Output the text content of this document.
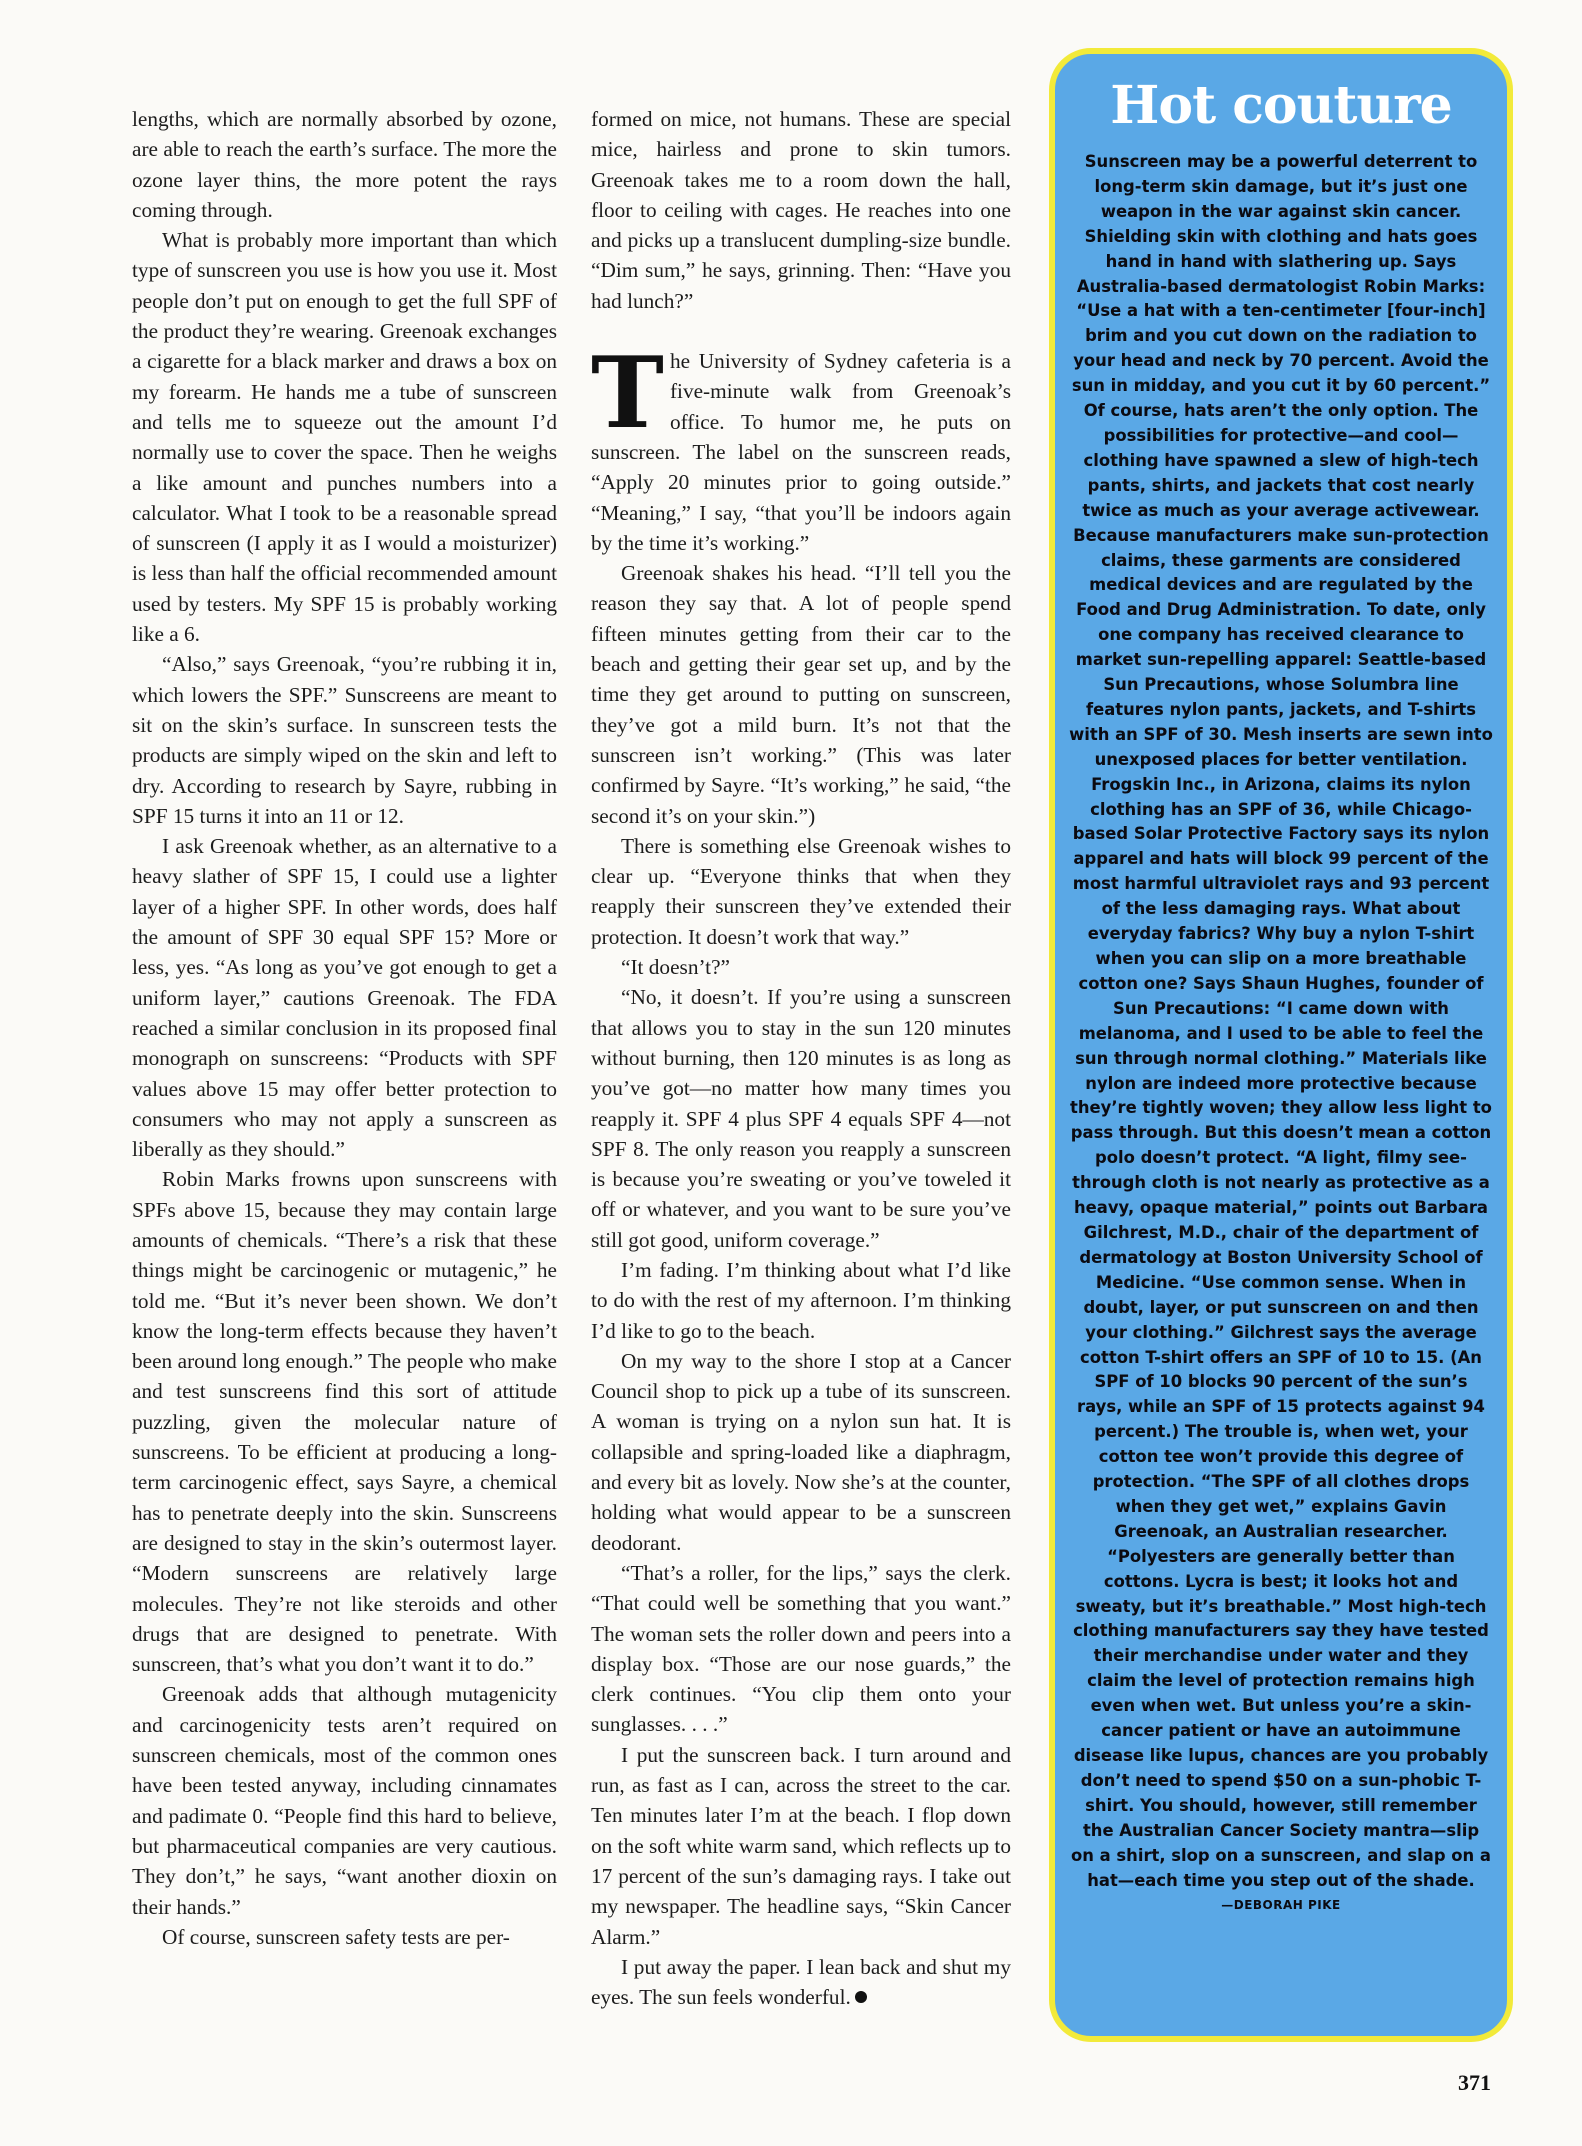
lengths, which are normally absorbed by ozone, are able to reach the earth’s surface. The more the ozone layer thins, the more potent the rays coming through.

What is probably more important than which type of sunscreen you use is how you use it. Most people don’t put on enough to get the full SPF of the product they’re wearing. Greenoak exchanges a cigarette for a black marker and draws a box on my forearm. He hands me a tube of sunscreen and tells me to squeeze out the amount I’d normally use to cover the space. Then he weighs a like amount and punches numbers into a calculator. What I took to be a reasonable spread of sunscreen (I apply it as I would a moisturizer) is less than half the official recommended amount used by testers. My SPF 15 is probably working like a 6.

“Also,” says Greenoak, “you’re rubbing it in, which lowers the SPF.” Sunscreens are meant to sit on the skin’s surface. In sunscreen tests the products are simply wiped on the skin and left to dry. According to research by Sayre, rubbing in SPF 15 turns it into an 11 or 12.

I ask Greenoak whether, as an alternative to a heavy slather of SPF 15, I could use a lighter layer of a higher SPF. In other words, does half the amount of SPF 30 equal SPF 15? More or less, yes. “As long as you’ve got enough to get a uniform layer,” cautions Greenoak. The FDA reached a similar conclusion in its proposed final monograph on sunscreens: “Products with SPF values above 15 may offer better protection to consumers who may not apply a sunscreen as liberally as they should.”

Robin Marks frowns upon sunscreens with SPFs above 15, because they may contain large amounts of chemicals. “There’s a risk that these things might be carcinogenic or mutagenic,” he told me. “But it’s never been shown. We don’t know the long-term effects because they haven’t been around long enough.” The people who make and test sunscreens find this sort of attitude puzzling, given the molecular nature of sunscreens. To be efficient at producing a long-term carcinogenic effect, says Sayre, a chemical has to penetrate deeply into the skin. Sunscreens are designed to stay in the skin’s outermost layer. “Modern sunscreens are relatively large molecules. They’re not like steroids and other drugs that are designed to penetrate. With sunscreen, that’s what you don’t want it to do.”

Greenoak adds that although mutagenicity and carcinogenicity tests aren’t required on sunscreen chemicals, most of the common ones have been tested anyway, including cinnamates and padimate 0. “People find this hard to believe, but pharmaceutical companies are very cautious. They don’t,” he says, “want another dioxin on their hands.”

Of course, sunscreen safety tests are per-

formed on mice, not humans. These are special mice, hairless and prone to skin tumors. Greenoak takes me to a room down the hall, floor to ceiling with cages. He reaches into one and picks up a translucent dumpling-size bundle. “Dim sum,” he says, grinning. Then: “Have you had lunch?”

The University of Sydney cafeteria is a five-minute walk from Greenoak’s office. To humor me, he puts on sunscreen. The label on the sunscreen reads, “Apply 20 minutes prior to going outside.” “Meaning,” I say, “that you’ll be indoors again by the time it’s working.”

Greenoak shakes his head. “I’ll tell you the reason they say that. A lot of people spend fifteen minutes getting from their car to the beach and getting their gear set up, and by the time they get around to putting on sunscreen, they’ve got a mild burn. It’s not that the sunscreen isn’t working.” (This was later confirmed by Sayre. “It’s working,” he said, “the second it’s on your skin.”)

There is something else Greenoak wishes to clear up. “Everyone thinks that when they reapply their sunscreen they’ve extended their protection. It doesn’t work that way.”

“It doesn’t?”

“No, it doesn’t. If you’re using a sunscreen that allows you to stay in the sun 120 minutes without burning, then 120 minutes is as long as you’ve got—no matter how many times you reapply it. SPF 4 plus SPF 4 equals SPF 4—not SPF 8. The only reason you reapply a sunscreen is because you’re sweating or you’ve toweled it off or whatever, and you want to be sure you’ve still got good, uniform coverage.”

I’m fading. I’m thinking about what I’d like to do with the rest of my afternoon. I’m thinking I’d like to go to the beach.

On my way to the shore I stop at a Cancer Council shop to pick up a tube of its sunscreen. A woman is trying on a nylon sun hat. It is collapsible and spring-loaded like a diaphragm, and every bit as lovely. Now she’s at the counter, holding what would appear to be a sunscreen deodorant.

“That’s a roller, for the lips,” says the clerk. “That could well be something that you want.” The woman sets the roller down and peers into a display box. “Those are our nose guards,” the clerk continues. “You clip them onto your sunglasses. . . .”

I put the sunscreen back. I turn around and run, as fast as I can, across the street to the car. Ten minutes later I’m at the beach. I flop down on the soft white warm sand, which reflects up to 17 percent of the sun’s damaging rays. I take out my newspaper. The headline says, “Skin Cancer Alarm.”

I put away the paper. I lean back and shut my eyes. The sun feels wonderful.

Hot couture

Sunscreen may be a powerful deterrent to long-term skin damage, but it’s just one weapon in the war against skin cancer. Shielding skin with clothing and hats goes hand in hand with slathering up. Says Australia-based dermatologist Robin Marks: “Use a hat with a ten-centimeter [four-inch] brim and you cut down on the radiation to your head and neck by 70 percent. Avoid the sun in midday, and you cut it by 60 percent.”

Of course, hats aren’t the only option. The possibilities for protective—and cool—clothing have spawned a slew of high-tech pants, shirts, and jackets that cost nearly twice as much as your average activewear. Because manufacturers make sun-protection claims, these garments are considered medical devices and are regulated by the Food and Drug Administration. To date, only one company has received clearance to market sun-repelling apparel: Seattle-based Sun Precautions, whose Solumbra line features nylon pants, jackets, and T-shirts with an SPF of 30. Mesh inserts are sewn into unexposed places for better ventilation. Frogskin Inc., in Arizona, claims its nylon clothing has an SPF of 36, while Chicago-based Solar Protective Factory says its nylon apparel and hats will block 99 percent of the most harmful ultraviolet rays and 93 percent of the less damaging rays. What about everyday fabrics? Why buy a nylon T-shirt when you can slip on a more breathable cotton one? Says Shaun Hughes, founder of Sun Precautions: “I came down with melanoma, and I used to be able to feel the sun through normal clothing.” Materials like nylon are indeed more protective because they’re tightly woven; they allow less light to pass through. But this doesn’t mean a cotton polo doesn’t protect. “A light, filmy see-through cloth is not nearly as protective as a heavy, opaque material,” points out Barbara Gilchrest, M.D., chair of the department of dermatology at Boston University School of Medicine. “Use common sense. When in doubt, layer, or put sunscreen on and then your clothing.” Gilchrest says the average cotton T-shirt offers an SPF of 10 to 15. (An SPF of 10 blocks 90 percent of the sun’s rays, while an SPF of 15 protects against 94 percent.) The trouble is, when wet, your cotton tee won’t provide this degree of protection. “The SPF of all clothes drops when they get wet,” explains Gavin Greenoak, an Australian researcher. “Polyesters are generally better than cottons. Lycra is best; it looks hot and sweaty, but it’s breathable.” Most high-tech clothing manufacturers say they have tested their merchandise under water and they claim the level of protection remains high even when wet. But unless you’re a skin-cancer patient or have an autoimmune disease like lupus, chances are you probably don’t need to spend $50 on a sun-phobic T-shirt. You should, however, still remember the Australian Cancer Society mantra—slip on a shirt, slop on a sunscreen, and slap on a hat—each time you step out of the shade.

—DEBORAH PIKE
371
